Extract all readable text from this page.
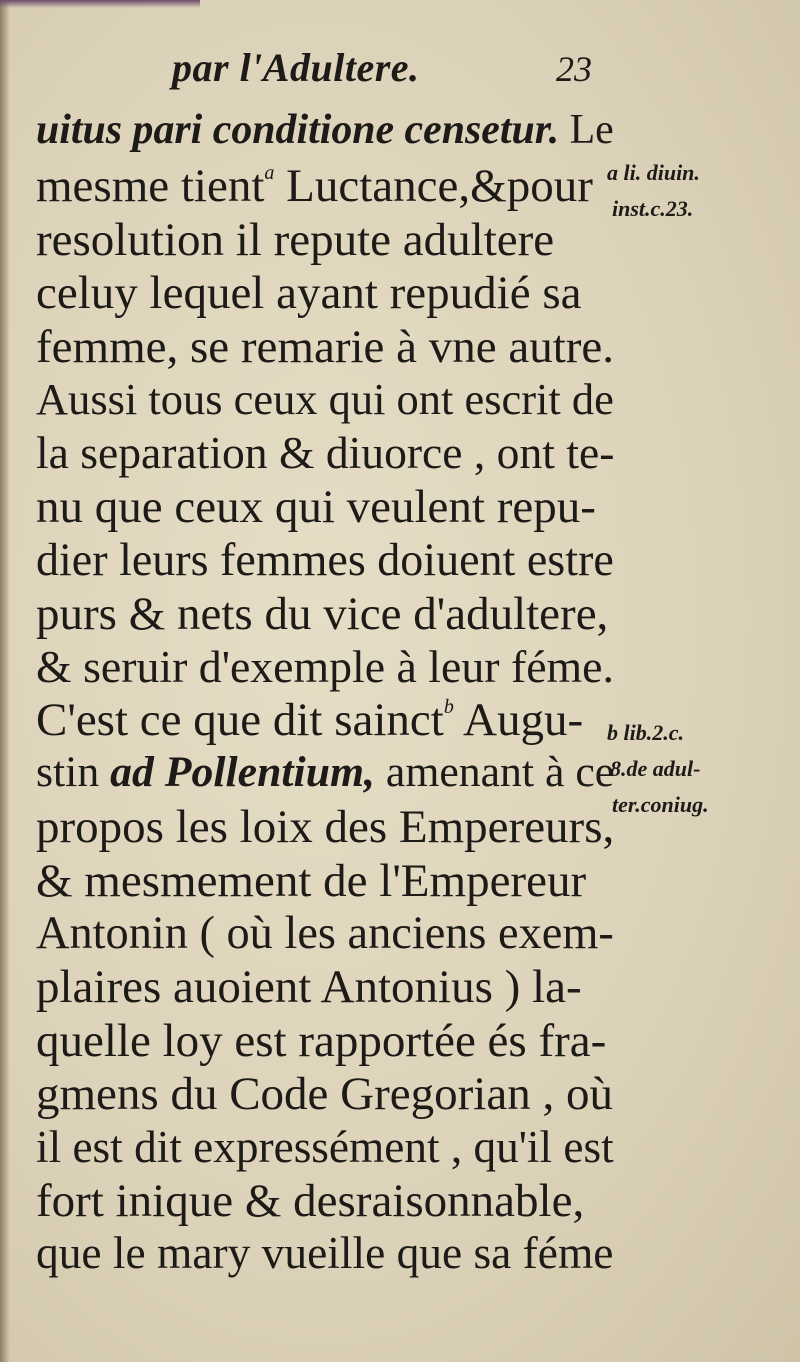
par l'Adultere.	23
uitus pari conditione censetur. Le
mesme tient$^a$ Luctance,&pour
resolution il repute adultere
celuy lequel ayant repudié sa
femme, se remarie à vne autre.
Aussi tous ceux qui ont escrit de
la separation & diuorce , ont te-
nu que ceux qui veulent repu-
dier leurs femmes doiuent estre
purs & nets du vice d'adultere,
& seruir d'exemple à leur féme.
C'est ce que dit sainct$^b$ Augu-
stin ad Pollentium, amenant à ce
propos les loix des Empereurs,
& mesmement de l'Empereur
Antonin ( où les anciens exem-
plaires auoient Antonius ) la-
quelle loy est rapportée és fra-
gmens du Code Gregorian , où
il est dit expressément , qu'il est
fort inique & desraisonnable,
que le mary vueille que sa féme
a li. diuin.
inst.c.23.
b lib.2.c.
8.de adul-
ter.coniug.
